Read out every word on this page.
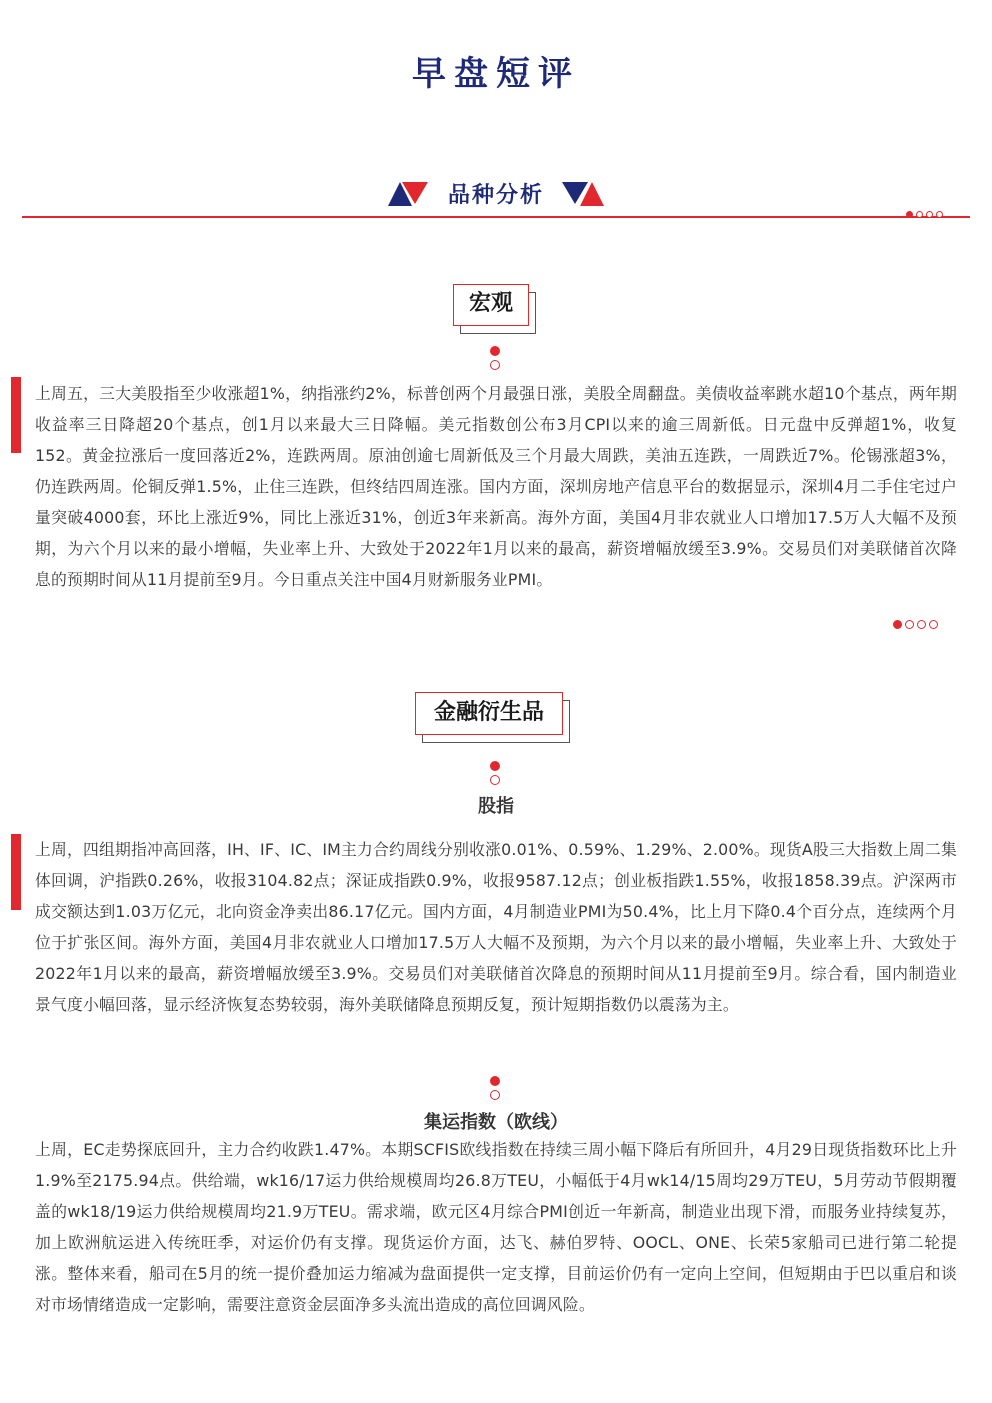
早盘短评
品种分析
宏观
上周五，三大美股指至少收涨超1%，纳指涨约2%，标普创两个月最强日涨，美股全周翻盘。美债收益率跳水超10个基点，两年期收益率三日降超20个基点，创1月以来最大三日降幅。美元指数创公布3月CPI以来的逾三周新低。日元盘中反弹超1%，收复152。黄金拉涨后一度回落近2%，连跌两周。原油创逾七周新低及三个月最大周跌，美油五连跌，一周跌近7%。伦锡涨超3%，仍连跌两周。伦铜反弹1.5%，止住三连跌，但终结四周连涨。国内方面，深圳房地产信息平台的数据显示，深圳4月二手住宅过户量突破4000套，环比上涨近9%，同比上涨近31%，创近3年来新高。海外方面，美国4月非农就业人口增加17.5万人大幅不及预期，为六个月以来的最小增幅，失业率上升、大致处于2022年1月以来的最高，薪资增幅放缓至3.9%。交易员们对美联储首次降息的预期时间从11月提前至9月。今日重点关注中国4月财新服务业PMI。
金融衍生品
股指
上周，四组期指冲高回落，IH、IF、IC、IM主力合约周线分别收涨0.01%、0.59%、1.29%、2.00%。现货A股三大指数上周二集体回调，沪指跌0.26%，收报3104.82点；深证成指跌0.9%，收报9587.12点；创业板指跌1.55%，收报1858.39点。沪深两市成交额达到1.03万亿元，北向资金净卖出86.17亿元。国内方面，4月制造业PMI为50.4%，比上月下降0.4个百分点，连续两个月位于扩张区间。海外方面，美国4月非农就业人口增加17.5万人大幅不及预期，为六个月以来的最小增幅，失业率上升、大致处于2022年1月以来的最高，薪资增幅放缓至3.9%。交易员们对美联储首次降息的预期时间从11月提前至9月。综合看，国内制造业景气度小幅回落，显示经济恢复态势较弱，海外美联储降息预期反复，预计短期指数仍以震荡为主。
集运指数（欧线）
上周，EC走势探底回升，主力合约收跌1.47%。本期SCFIS欧线指数在持续三周小幅下降后有所回升，4月29日现货指数环比上升1.9%至2175.94点。供给端，wk16/17运力供给规模周均26.8万TEU，小幅低于4月wk14/15周均29万TEU，5月劳动节假期覆盖的wk18/19运力供给规模周均21.9万TEU。需求端，欧元区4月综合PMI创近一年新高，制造业出现下滑，而服务业持续复苏，加上欧洲航运进入传统旺季，对运价仍有支撑。现货运价方面，达飞、赫伯罗特、OOCL、ONE、长荣5家船司已进行第二轮提涨。整体来看，船司在5月的统一提价叠加运力缩减为盘面提供一定支撑，目前运价仍有一定向上空间，但短期由于巴以重启和谈对市场情绪造成一定影响，需要注意资金层面净多头流出造成的高位回调风险。
